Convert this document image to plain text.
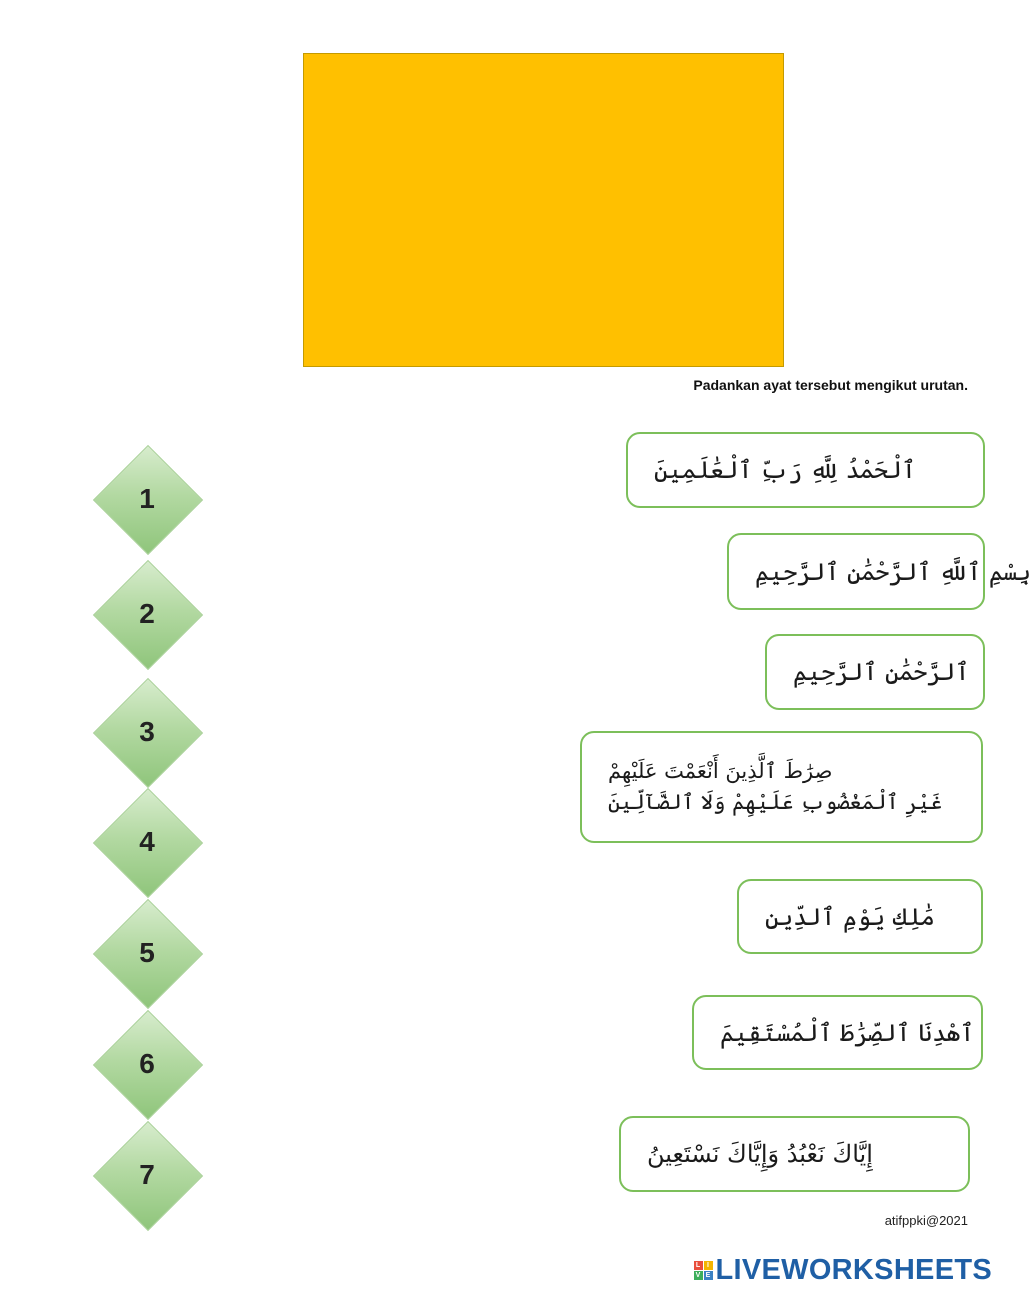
Padankan ayat tersebut mengikut urutan.
1
2
3
4
5
6
7
ٱلْحَمْدُ لِلَّهِ رَبِّ ٱلْعَٰلَمِينَ
بِسْمِ ٱللَّهِ ٱلرَّحْمَٰنِ ٱلرَّحِيمِ
ٱلرَّحْمَٰنِ ٱلرَّحِيمِ
صِرَٰطَ ٱلَّذِينَ أَنْعَمْتَ عَلَيْهِمْ
غَيْرِ ٱلْمَغْضُوبِ عَلَيْهِمْ وَلَا ٱلضَّآلِّينَ
مَٰلِكِ يَوْمِ ٱلدِّينِ
ٱهْدِنَا ٱلصِّرَٰطَ ٱلْمُسْتَقِيمَ
إِيَّاكَ نَعْبُدُ وَإِيَّاكَ نَسْتَعِينُ
atifppki@2021
L I
V E LIVEWORKSHEETS
